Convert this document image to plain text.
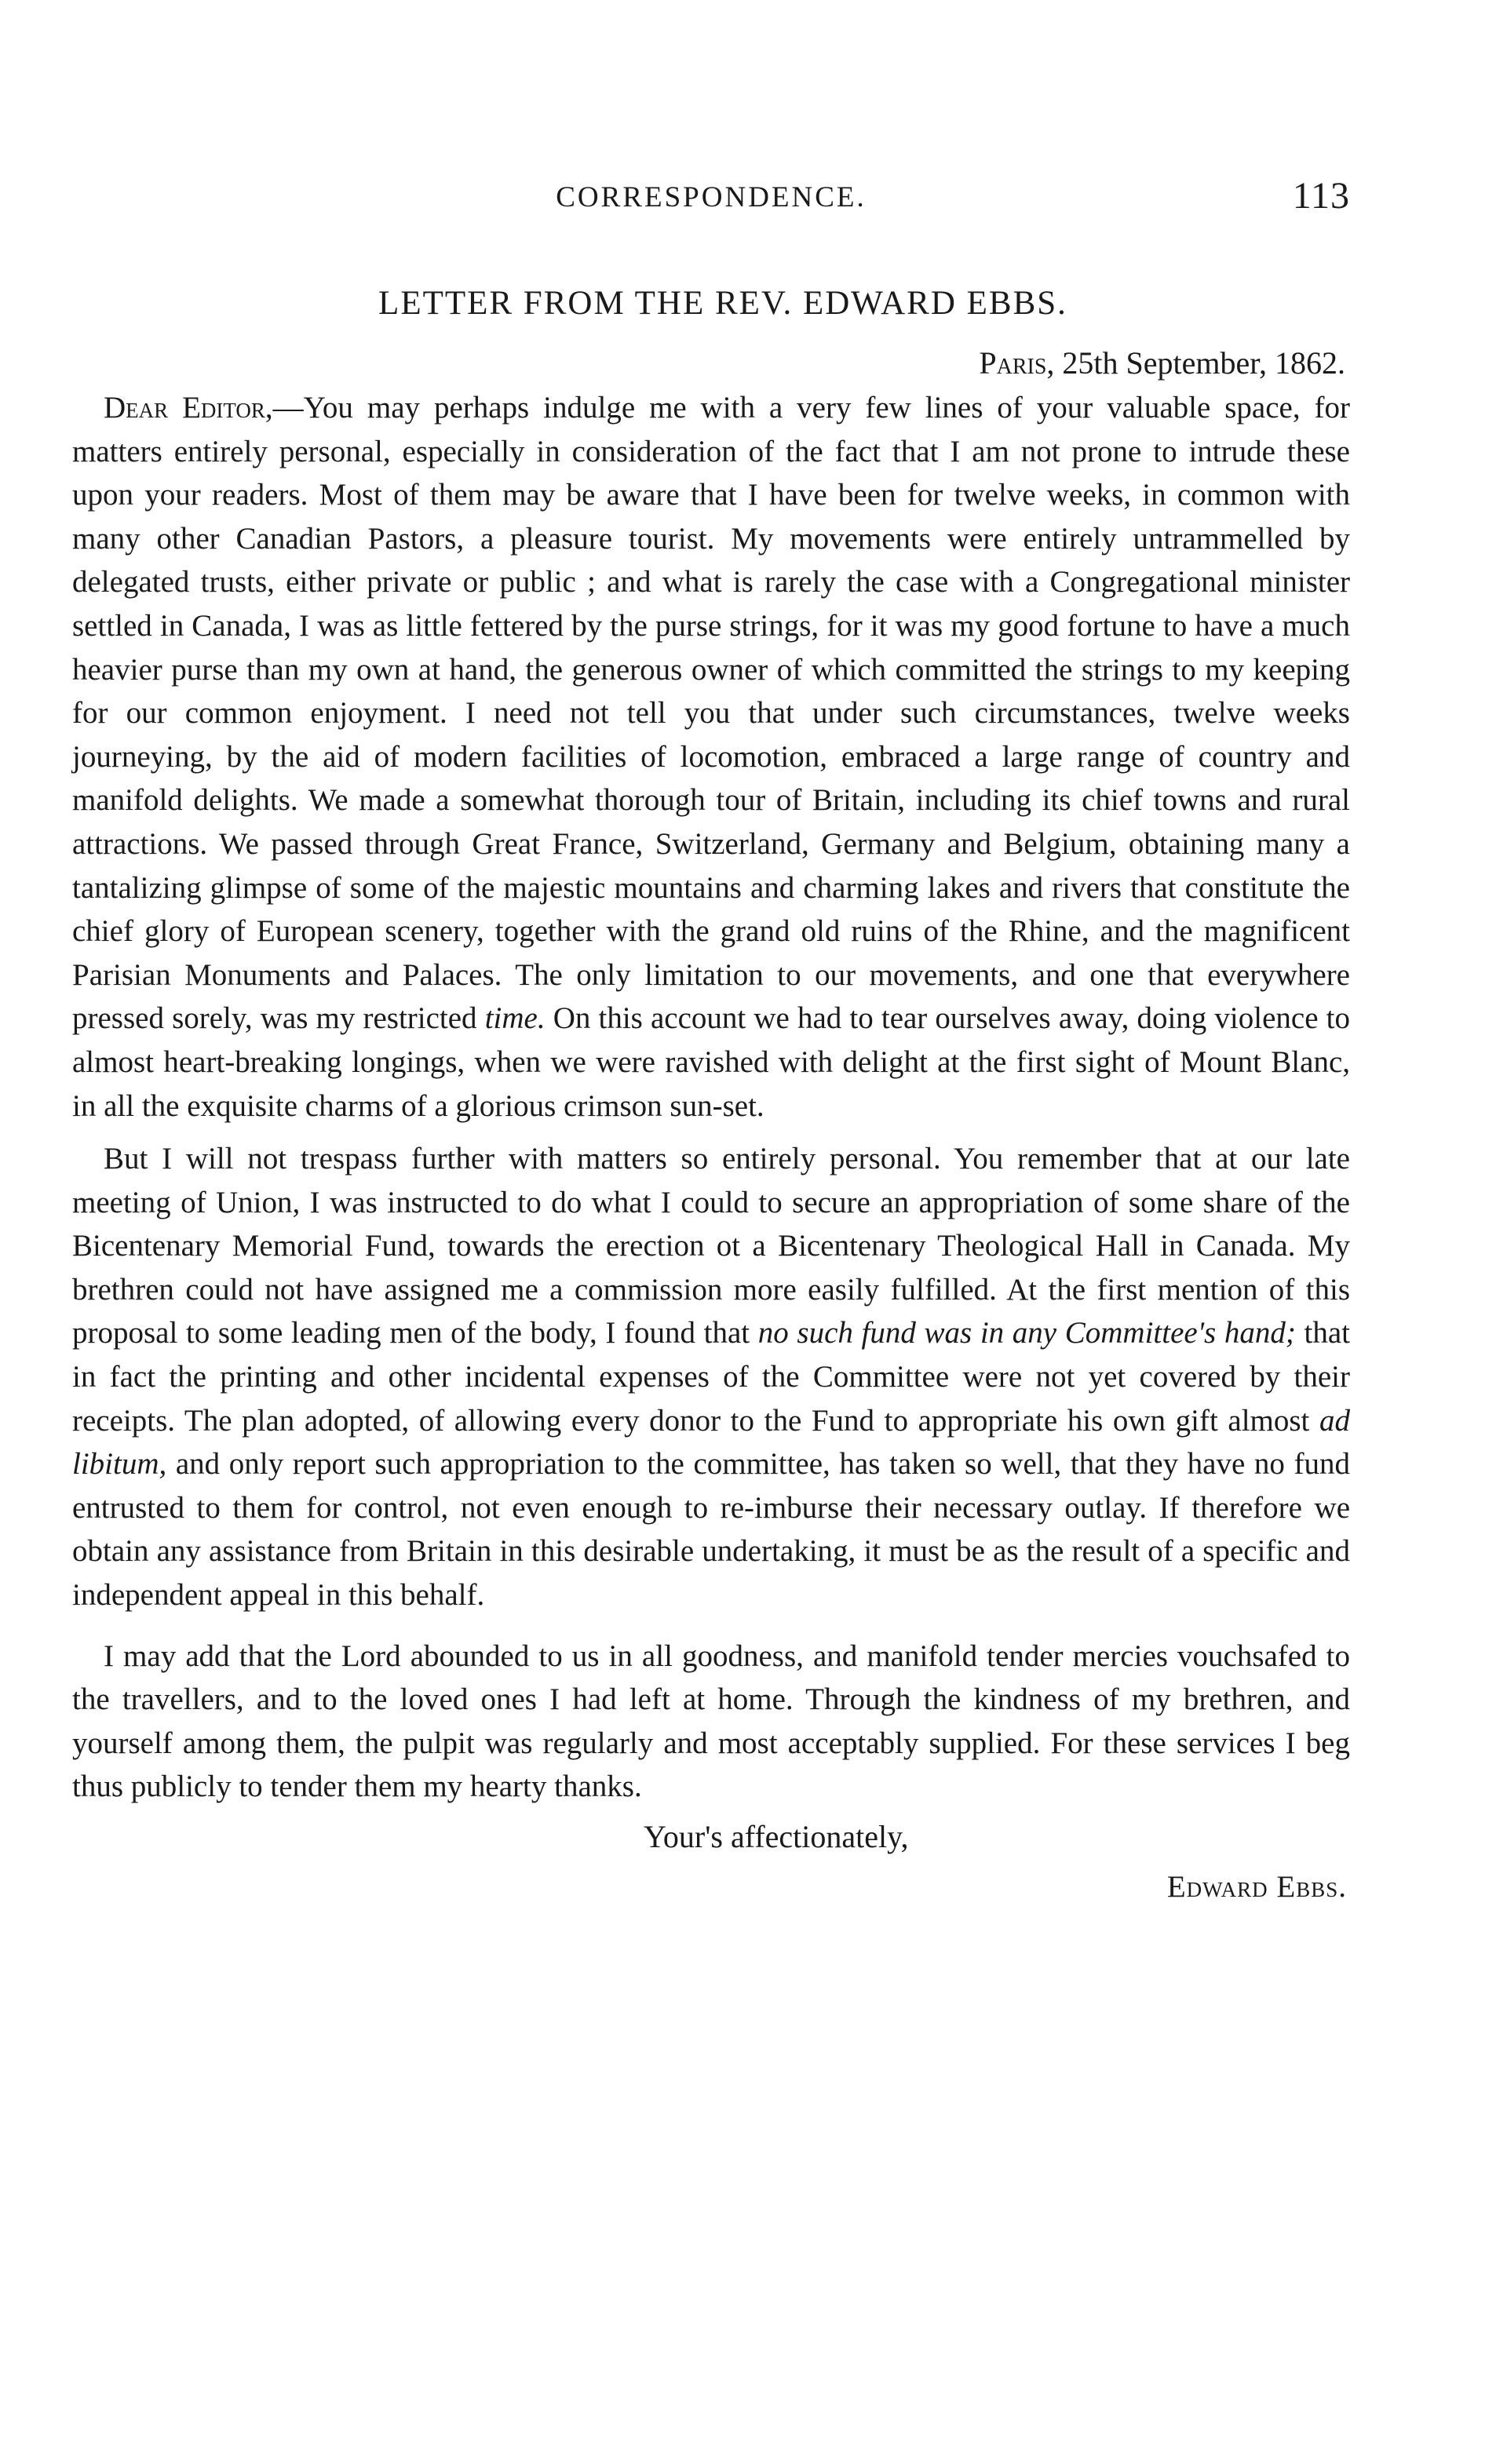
CORRESPONDENCE.	113
LETTER FROM THE REV. EDWARD EBBS.
Paris, 25th September, 1862.

Dear Editor,—You may perhaps indulge me with a very few lines of your valuable space, for matters entirely personal, especially in consideration of the fact that I am not prone to intrude these upon your readers. Most of them may be aware that I have been for twelve weeks, in common with many other Canadian Pastors, a pleasure tourist. My movements were entirely untrammelled by delegated trusts, either private or public ; and what is rarely the case with a Congregational minister settled in Canada, I was as little fettered by the purse strings, for it was my good fortune to have a much heavier purse than my own at hand, the generous owner of which committed the strings to my keeping for our common enjoyment. I need not tell you that under such circumstances, twelve weeks journeying, by the aid of modern facilities of locomotion, embraced a large range of country and manifold delights. We made a somewhat thorough tour of Britain, including its chief towns and rural attractions. We passed through Great France, Switzerland, Germany and Belgium, obtaining many a tantalizing glimpse of some of the majestic mountains and charming lakes and rivers that constitute the chief glory of European scenery, together with the grand old ruins of the Rhine, and the magnificent Parisian Monuments and Palaces. The only limitation to our movements, and one that everywhere pressed sorely, was my restricted time. On this account we had to tear ourselves away, doing violence to almost heart-breaking longings, when we were ravished with delight at the first sight of Mount Blanc, in all the exquisite charms of a glorious crimson sun-set.

But I will not trespass further with matters so entirely personal. You remember that at our late meeting of Union, I was instructed to do what I could to secure an appropriation of some share of the Bicentenary Memorial Fund, towards the erection ot a Bicentenary Theological Hall in Canada. My brethren could not have assigned me a commission more easily fulfilled. At the first mention of this proposal to some leading men of the body, I found that no such fund was in any Committee's hand; that in fact the printing and other incidental expenses of the Committee were not yet covered by their receipts. The plan adopted, of allowing every donor to the Fund to appropriate his own gift almost ad libitum, and only report such appropriation to the committee, has taken so well, that they have no fund entrusted to them for control, not even enough to re-imburse their necessary outlay. If therefore we obtain any assistance from Britain in this desirable undertaking, it must be as the result of a specific and independent appeal in this behalf.

I may add that the Lord abounded to us in all goodness, and manifold tender mercies vouchsafed to the travellers, and to the loved ones I had left at home. Through the kindness of my brethren, and yourself among them, the pulpit was regularly and most acceptably supplied. For these services I beg thus publicly to tender them my hearty thanks.

Your's affectionately,
Edward Ebbs.
